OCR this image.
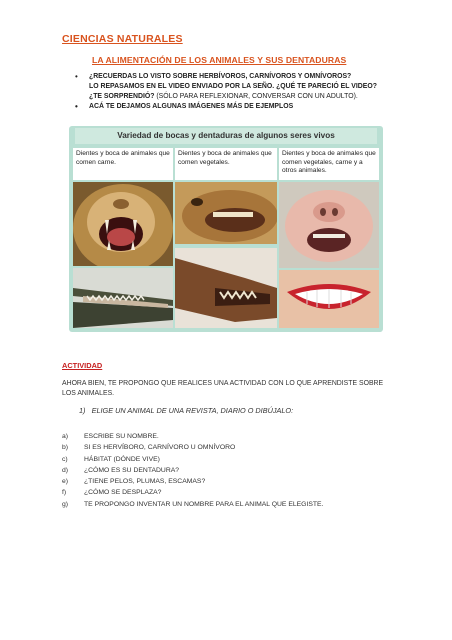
CIENCIAS NATURALES
LA ALIMENTACIÓN DE LOS ANIMALES Y SUS DENTADURAS
• ¿RECUERDAS LO VISTO SOBRE HERBÍVOROS, CARNÍVOROS Y OMNÍVOROS?
LO REPASAMOS EN EL VIDEO ENVIADO POR LA SEÑO. ¿QUÉ TE PARECIÓ EL VIDEO?
¿TE SORPRENDIÓ? (SÓLO PARA REFLEXIONAR, CONVERSAR CON UN ADULTO).
• ACÁ TE DEJAMOS ALGUNAS IMÁGENES MÁS DE EJEMPLOS
Variedad de bocas y dentaduras de algunos seres vivos
Dientes y boca de animales que comen carne.
Dientes y boca de animales que comen vegetales.
Dientes y boca de animales que comen vegetales, carne y a otros animales.
ACTIVIDAD
AHORA BIEN, TE PROPONGO QUE REALICES UNA ACTIVIDAD CON LO QUE APRENDISTE SOBRE LOS ANIMALES.
1) ELIGE UN ANIMAL DE UNA REVISTA, DIARIO O DIBÚJALO:
a) ESCRIBE SU NOMBRE.
b) SI ES HERVÍBORO, CARNÍVORO U OMNÍVORO
c) HÁBITAT (DÓNDE VIVE)
d) ¿CÓMO ES SU DENTADURA?
e) ¿TIENE PELOS, PLUMAS, ESCAMAS?
f)	¿CÓMO SE DESPLAZA?
g) TE PROPONGO INVENTAR UN NOMBRE PARA EL ANIMAL QUE ELEGISTE.
